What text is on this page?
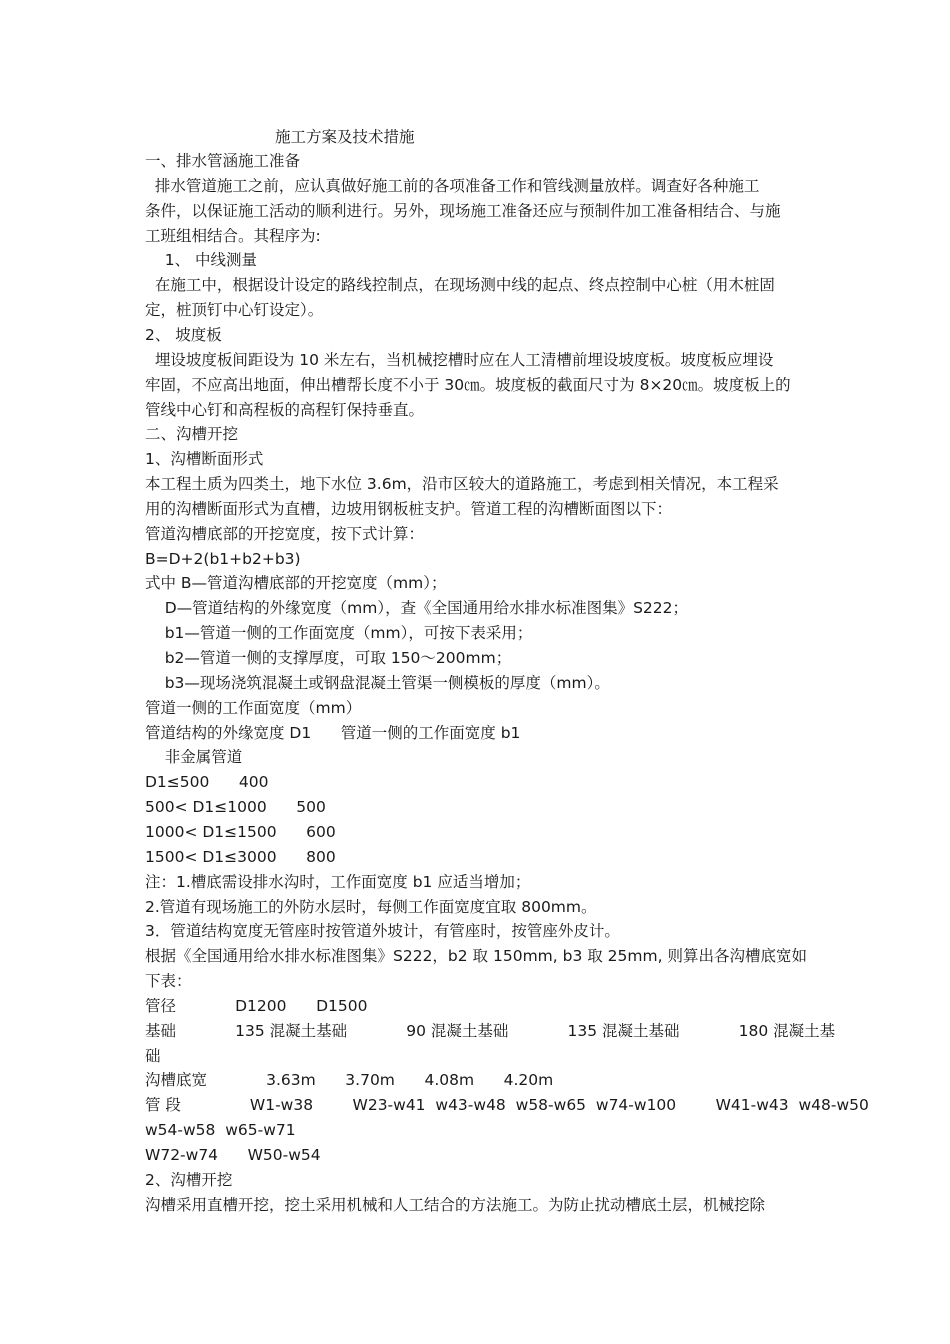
施工方案及技术措施
一、排水管涵施工准备
排水管道施工之前，应认真做好施工前的各项准备工作和管线测量放样。调查好各种施工
条件，以保证施工活动的顺利进行。另外，现场施工准备还应与预制件加工准备相结合、与施
工班组相结合。其程序为:
1、 中线测量
在施工中，根据设计设定的路线控制点，在现场测中线的起点、终点控制中心桩（用木桩固
定，桩顶钉中心钉设定）。
2、 坡度板
埋设坡度板间距设为 10 米左右，当机械挖槽时应在人工清槽前埋设坡度板。坡度板应埋设
牢固，不应高出地面，伸出槽帮长度不小于 30㎝。坡度板的截面尺寸为 8×20㎝。坡度板上的
管线中心钉和高程板的高程钉保持垂直。
二、沟槽开挖
1、沟槽断面形式
本工程土质为四类土，地下水位 3.6m，沿市区较大的道路施工，考虑到相关情况，本工程采
用的沟槽断面形式为直槽，边坡用钢板桩支护。管道工程的沟槽断面图以下：
管道沟槽底部的开挖宽度，按下式计算：
B=D+2(b1+b2+b3)
式中 B—管道沟槽底部的开挖宽度（mm）；
D—管道结构的外缘宽度（mm），查《全国通用给水排水标准图集》S222；
b1—管道一侧的工作面宽度（mm），可按下表采用；
b2—管道一侧的支撑厚度，可取 150～200mm；
b3—现场浇筑混凝土或钢盘混凝土管渠一侧模板的厚度（mm）。
管道一侧的工作面宽度（mm）
管道结构的外缘宽度 D1      管道一侧的工作面宽度 b1
非金属管道
D1≤500      400
500< D1≤1000      500
1000< D1≤1500      600
1500< D1≤3000      800
注：1.槽底需设排水沟时，工作面宽度 b1 应适当增加；
2.管道有现场施工的外防水层时，每侧工作面宽度宜取 800mm。
3．管道结构宽度无管座时按管道外坡计，有管座时，按管座外皮计。
根据《全国通用给水排水标准图集》S222，b2 取 150mm, b3 取 25mm, 则算出各沟槽底宽如
下表：
管径            D1200      D1500
基础            135 混凝土基础            90 混凝土基础            135 混凝土基础            180 混凝土基
础
沟槽底宽            3.63m      3.70m      4.08m      4.20m
管 段              W1-w38        W23-w41  w43-w48  w58-w65  w74-w100        W41-w43  w48-w50
w54-w58  w65-w71
W72-w74      W50-w54
2、沟槽开挖
沟槽采用直槽开挖，挖土采用机械和人工结合的方法施工。为防止扰动槽底土层，机械挖除
